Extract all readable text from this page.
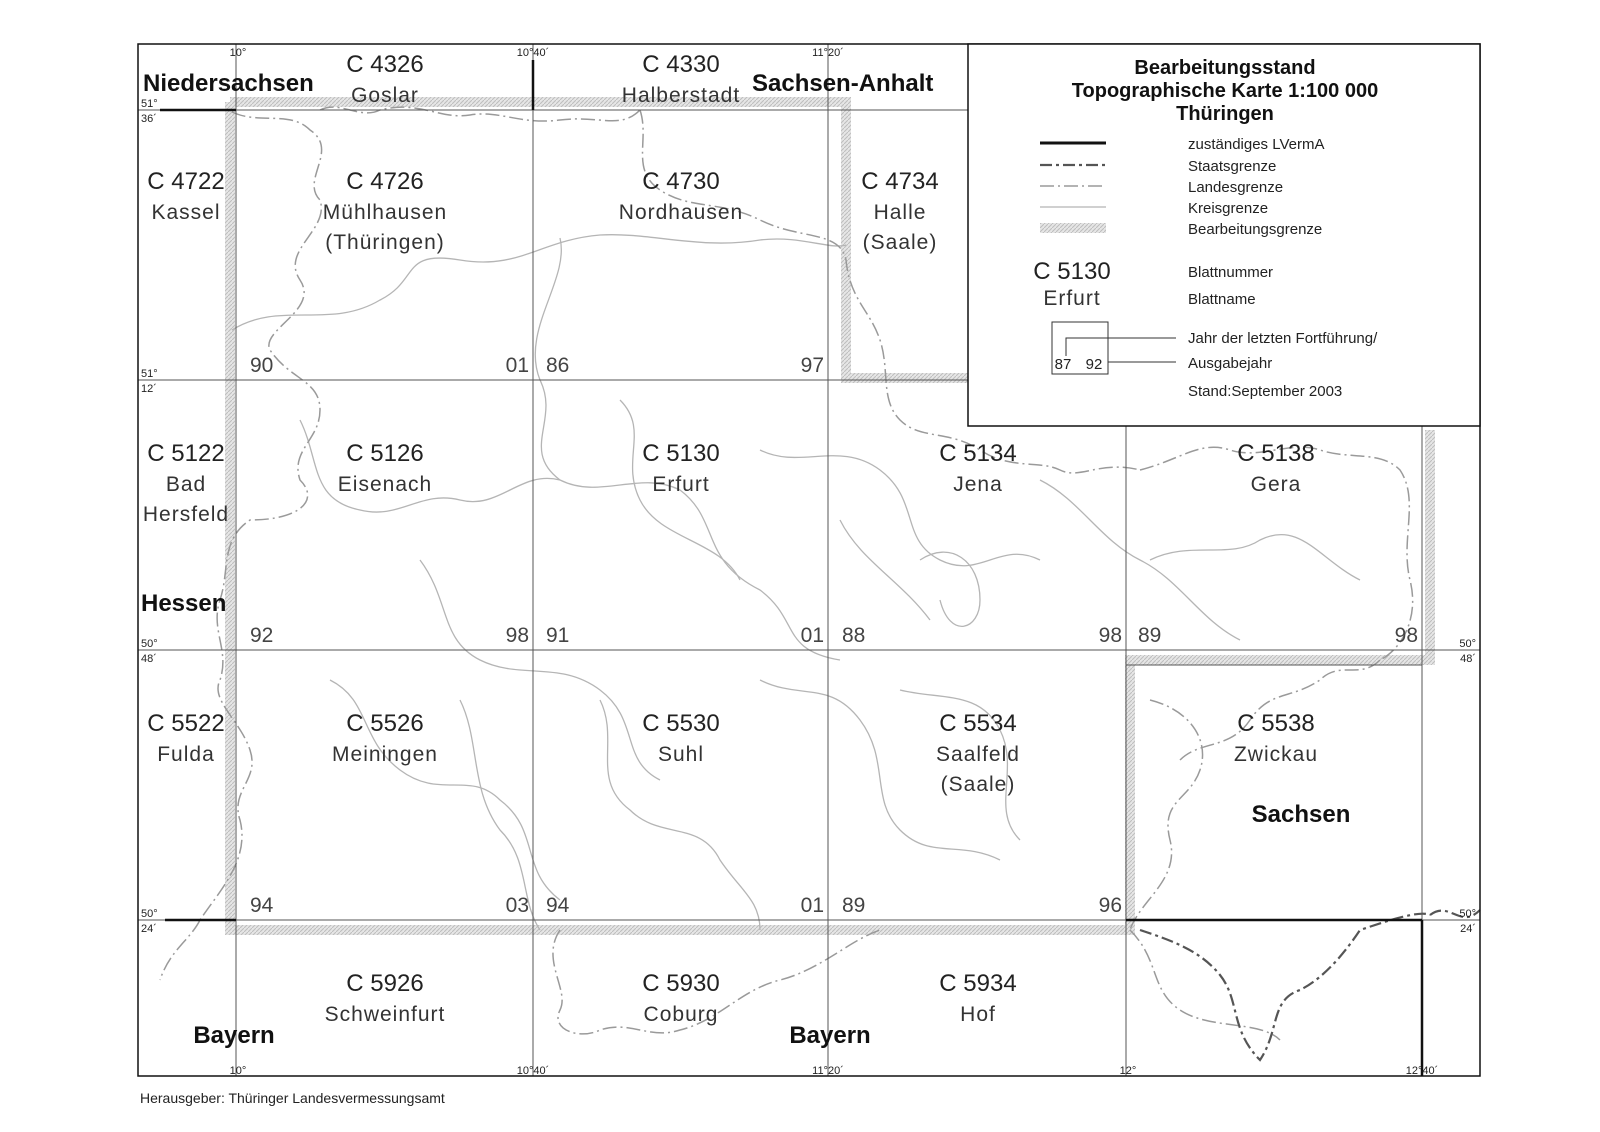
Bearbeitungsstand
Topographische Karte 1:100 000
Thüringen
zuständiges LVermA
Staatsgrenze
Landesgrenze
Kreisgrenze
Bearbeitungsgrenze
C 5130
Erfurt
Blattnummer
Blattname
87 92
Jahr der letzten Fortführung/
Ausgabejahr
Stand:September 2003
C 4326
Goslar
C 4330
Halberstadt
C 4722
Kassel
C 4726
Mühlhausen
(Thüringen)
C 4730
Nordhausen
C 4734
Halle
(Saale)
C 5122
Bad
Hersfeld
C 5126
Eisenach
C 5130
Erfurt
C 5134
Jena
C 5138
Gera
C 5522
Fulda
C 5526
Meiningen
C 5530
Suhl
C 5534
Saalfeld
(Saale)
C 5538
Zwickau
C 5926
Schweinfurt
C 5930
Coburg
C 5934
Hof
90	01 86	97
92	98 91	01 88	98 89	98
94	03 94	01 89	96
Niedersachsen	Sachsen-Anhalt
Hessen
Sachsen
Bayern	Bayern
10°	10°40´	11°20´
10°	10°40´	11°20´	12°	12°40´
51°
36´
51°
12´
50°
48´
50°
24´
50°
48´
50°
24´
Herausgeber: Thüringer Landesvermessungsamt
